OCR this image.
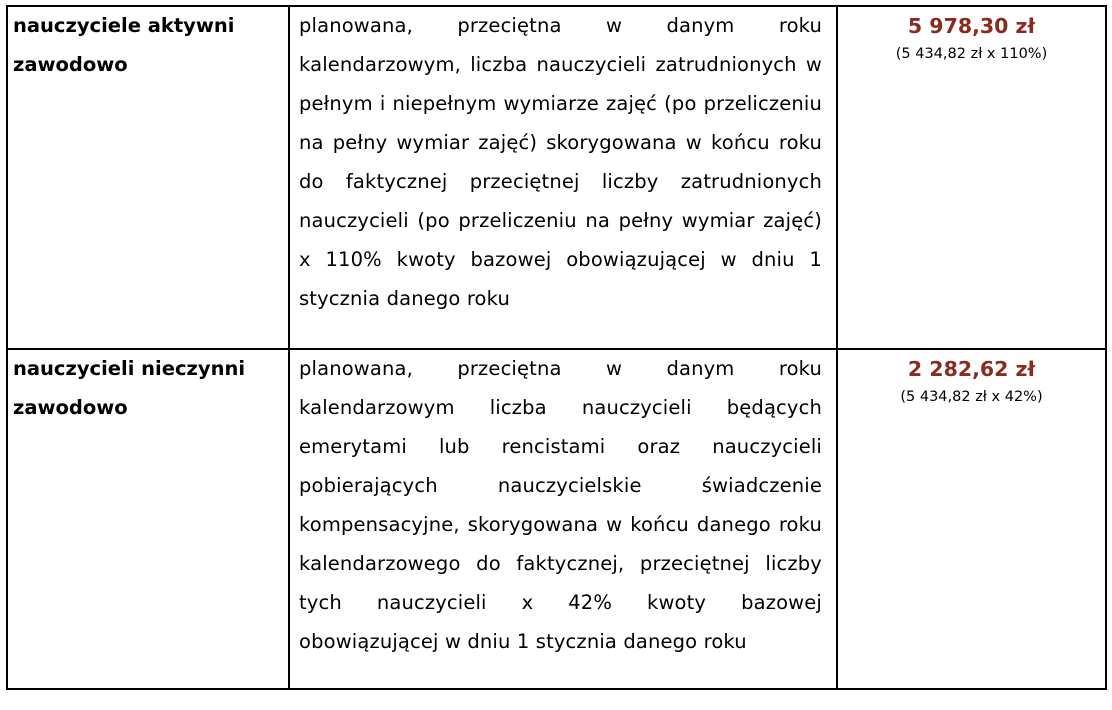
nauczyciele aktywni zawodowo	planowana, przeciętna w danym roku kalendarzowym, liczba nauczycieli zatrudnionych w pełnym i niepełnym wymiarze zajęć (po przeliczeniu na pełny wymiar zajęć) skorygowana w końcu roku do faktycznej przeciętnej liczby zatrudnionych nauczycieli (po przeliczeniu na pełny wymiar zajęć) x 110% kwoty bazowej obowiązującej w dniu 1 stycznia danego roku	5 978,30 zł
(5 434,82 zł x 110%)

nauczycieli nieczynni zawodowo	planowana, przeciętna w danym roku kalendarzowym liczba nauczycieli będących emerytami lub rencistami oraz nauczycieli pobierających nauczycielskie świadczenie kompensacyjne, skorygowana w końcu danego roku kalendarzowego do faktycznej, przeciętnej liczby tych nauczycieli x 42% kwoty bazowej obowiązującej w dniu 1 stycznia danego roku	2 282,62 zł
(5 434,82 zł x 42%)
